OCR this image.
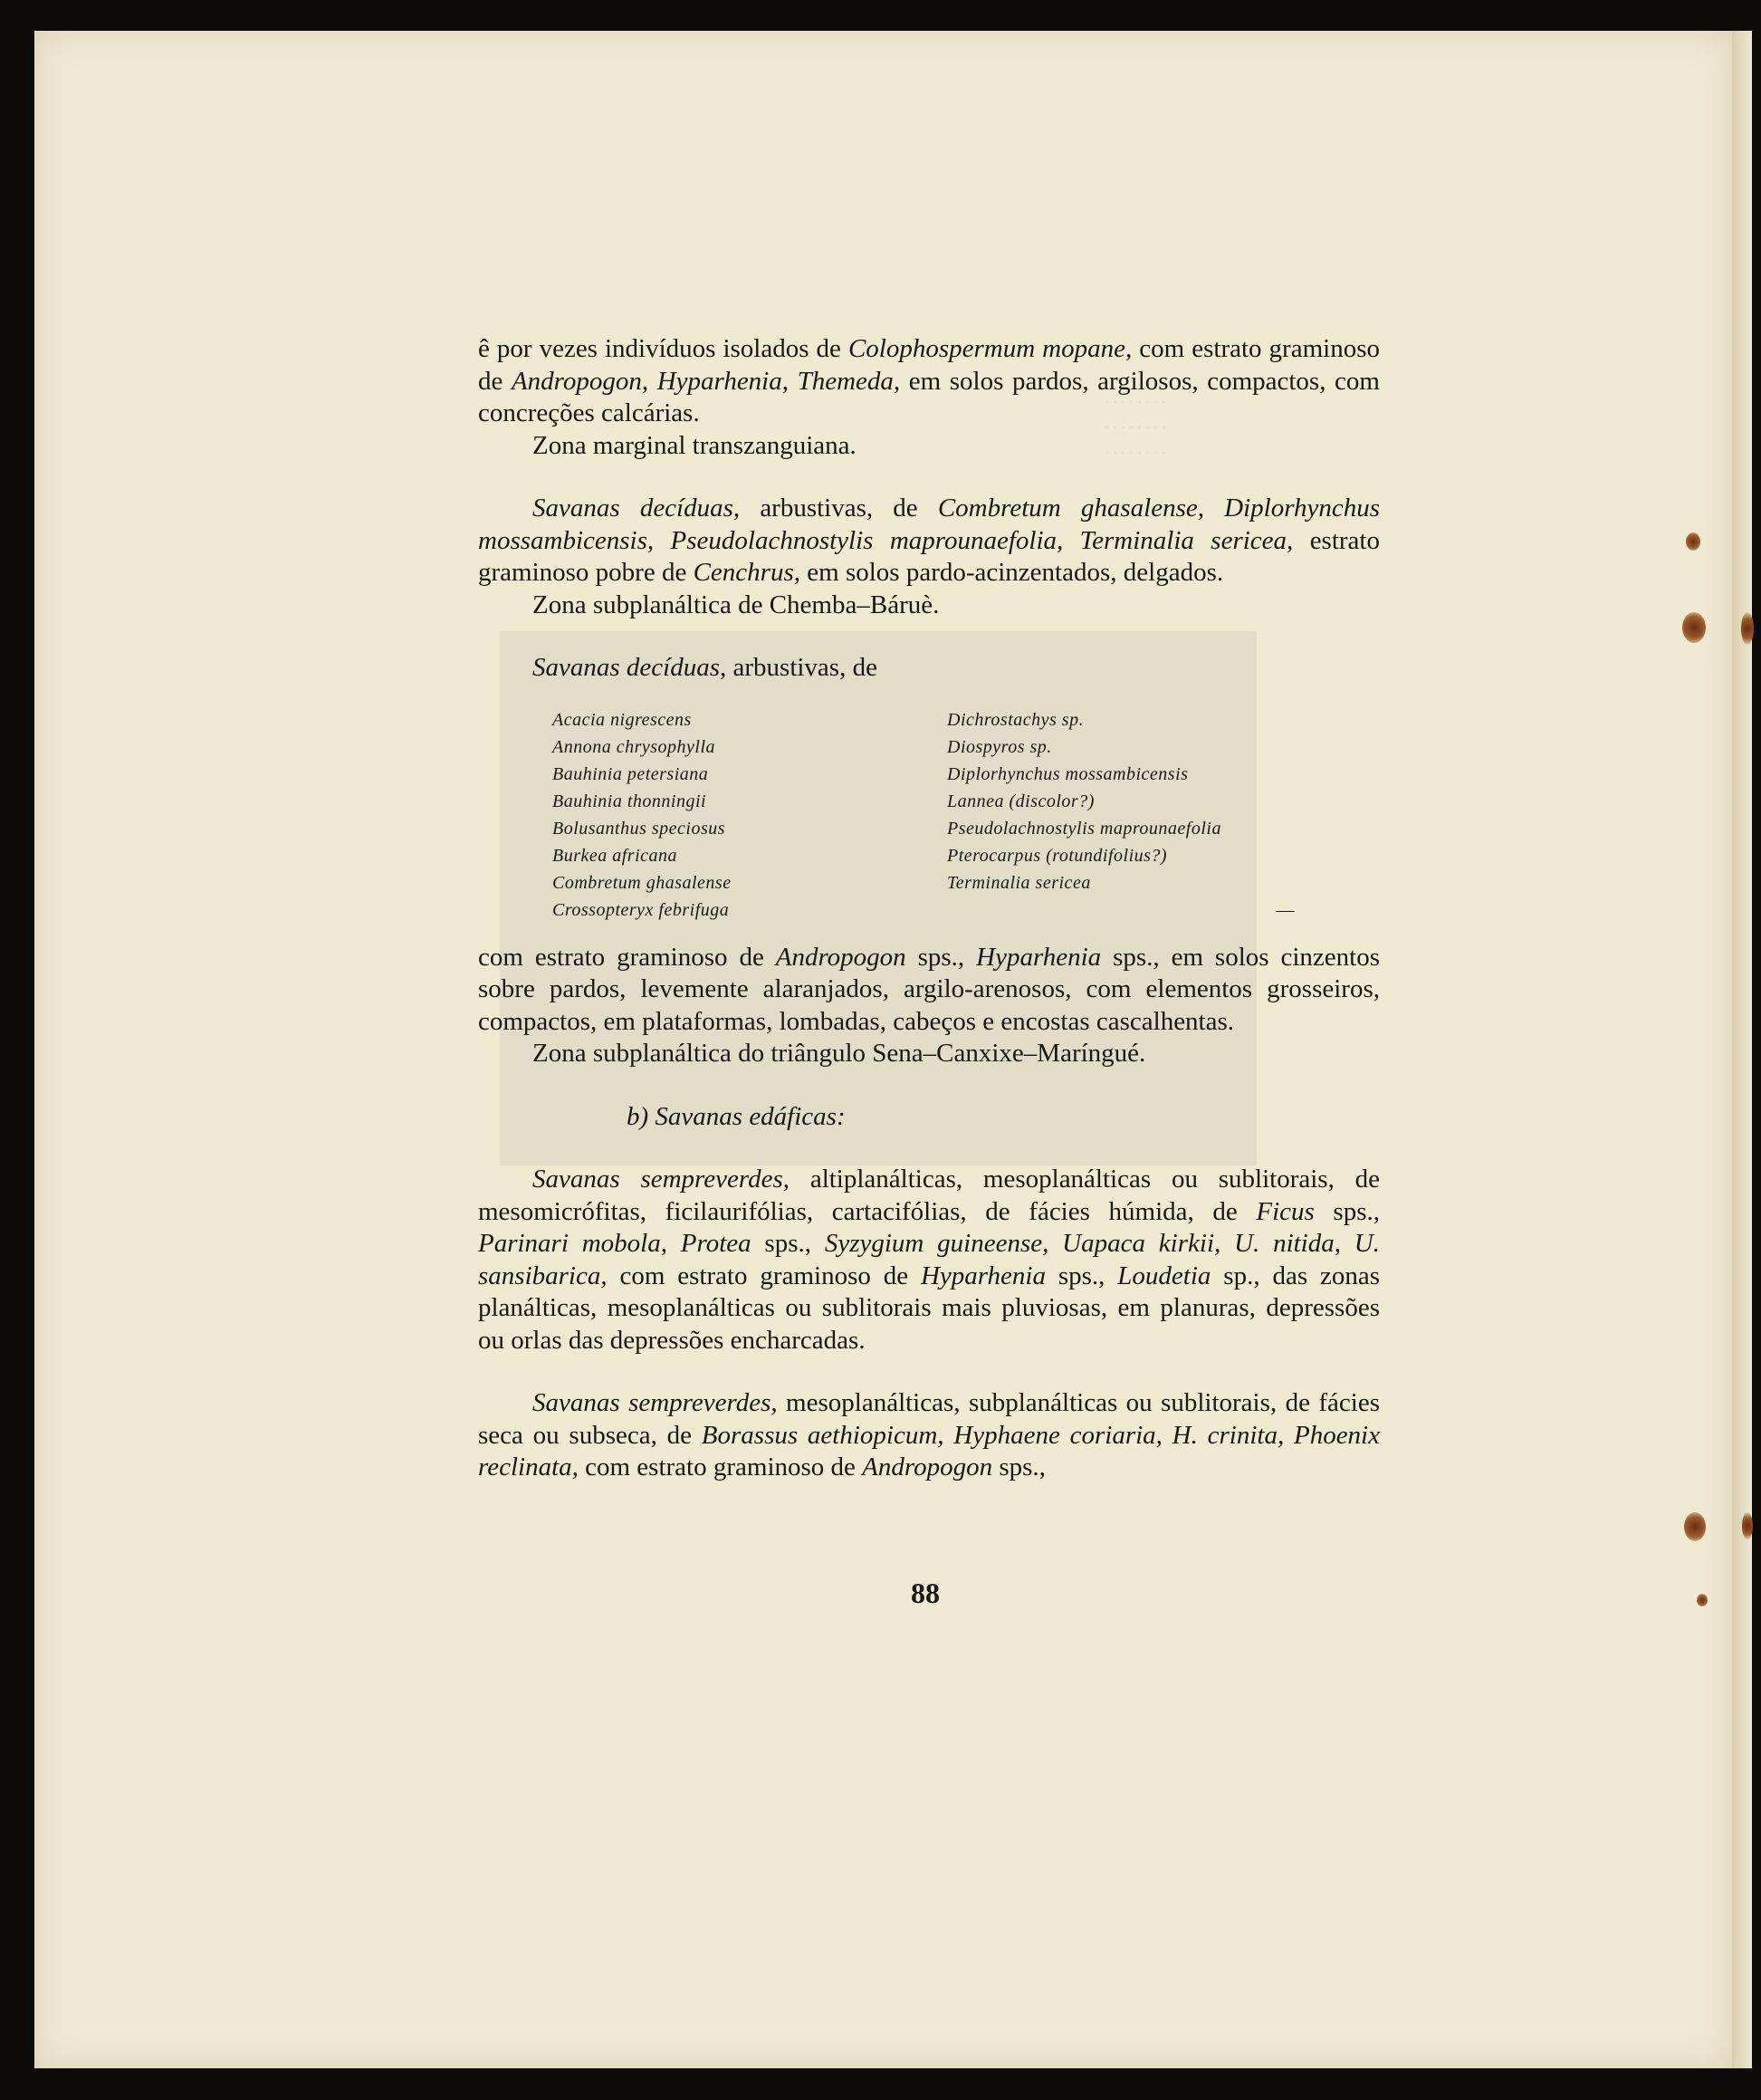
· · · · · · · ·
· · · · · · · ·
· · · · · · · ·

ê por vezes indivíduos isolados de Colophospermum mopane, com estrato graminoso de Andropogon, Hyparhenia, Themeda, em solos pardos, argilosos, compactos, com concreções calcárias.

Zona marginal transzanguiana.

Savanas decíduas, arbustivas, de Combretum ghasalense, Diplorhynchus mossambicensis, Pseudolachnostylis maprounaefolia, Terminalia sericea, estrato graminoso pobre de Cenchrus, em solos pardo-acinzentados, delgados.

Zona subplanáltica de Chemba–Báruè.

Savanas decíduas, arbustivas, de

Acacia nigrescens	Dichrostachys sp.
Annona chrysophylla	Diospyros sp.
Bauhinia petersiana	Diplorhynchus mossambicensis
Bauhinia thonningii	Lannea (discolor?)
Bolusanthus speciosus	Pseudolachnostylis maprounaefolia
Burkea africana	Pterocarpus (rotundifolius?)
Combretum ghasalense	Terminalia sericea
Crossopteryx febrifuga	—

com estrato graminoso de Andropogon sps., Hyparhenia sps., em solos cinzentos sobre pardos, levemente alaranjados, argilo-arenosos, com elementos grosseiros, compactos, em plataformas, lombadas, cabeços e encostas cascalhentas.

Zona subplanáltica do triângulo Sena–Canxixe–Maríngué.

b) Savanas edáficas:

Savanas sempreverdes, altiplanálticas, mesoplanálticas ou sublitorais, de mesomicrófitas, ficilaurifólias, cartacifólias, de fácies húmida, de Ficus sps., Parinari mobola, Protea sps., Syzygium guineense, Uapaca kirkii, U. nitida, U. sansibarica, com estrato graminoso de Hyparhenia sps., Loudetia sp., das zonas planálticas, mesoplanálticas ou sublitorais mais pluviosas, em planuras, depressões ou orlas das depressões encharcadas.

Savanas sempreverdes, mesoplanálticas, subplanálticas ou sublitorais, de fácies seca ou subseca, de Borassus aethiopicum, Hyphaene coriaria, H. crinita, Phoenix reclinata, com estrato graminoso de Andropogon sps.,

88
